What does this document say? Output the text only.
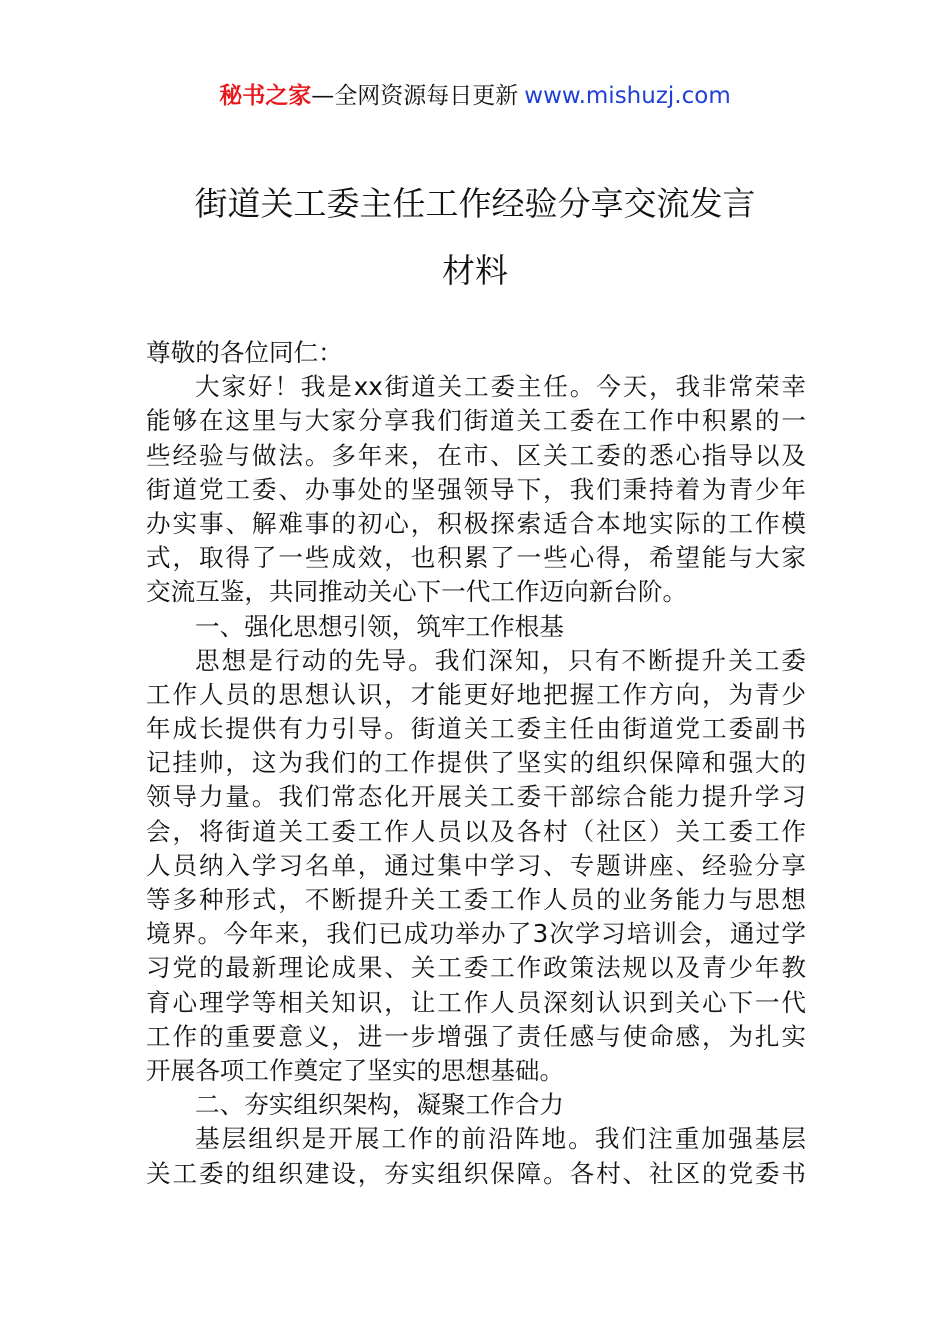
秘书之家—全网资源每日更新 www.mishuzj.com
街道关工委主任工作经验分享交流发言
材料
尊敬的各位同仁：
大家好！我是xx街道关工委主任。今天，我非常荣幸
能够在这里与大家分享我们街道关工委在工作中积累的一
些经验与做法。多年来，在市、区关工委的悉心指导以及
街道党工委、办事处的坚强领导下，我们秉持着为青少年
办实事、解难事的初心，积极探索适合本地实际的工作模
式，取得了一些成效，也积累了一些心得，希望能与大家
交流互鉴，共同推动关心下一代工作迈向新台阶。
一、强化思想引领，筑牢工作根基
思想是行动的先导。我们深知，只有不断提升关工委
工作人员的思想认识，才能更好地把握工作方向，为青少
年成长提供有力引导。街道关工委主任由街道党工委副书
记挂帅，这为我们的工作提供了坚实的组织保障和强大的
领导力量。我们常态化开展关工委干部综合能力提升学习
会，将街道关工委工作人员以及各村（社区）关工委工作
人员纳入学习名单，通过集中学习、专题讲座、经验分享
等多种形式，不断提升关工委工作人员的业务能力与思想
境界。今年来，我们已成功举办了3次学习培训会，通过学
习党的最新理论成果、关工委工作政策法规以及青少年教
育心理学等相关知识，让工作人员深刻认识到关心下一代
工作的重要意义，进一步增强了责任感与使命感，为扎实
开展各项工作奠定了坚实的思想基础。
二、夯实组织架构，凝聚工作合力
基层组织是开展工作的前沿阵地。我们注重加强基层
关工委的组织建设，夯实组织保障。各村、社区的党委书
